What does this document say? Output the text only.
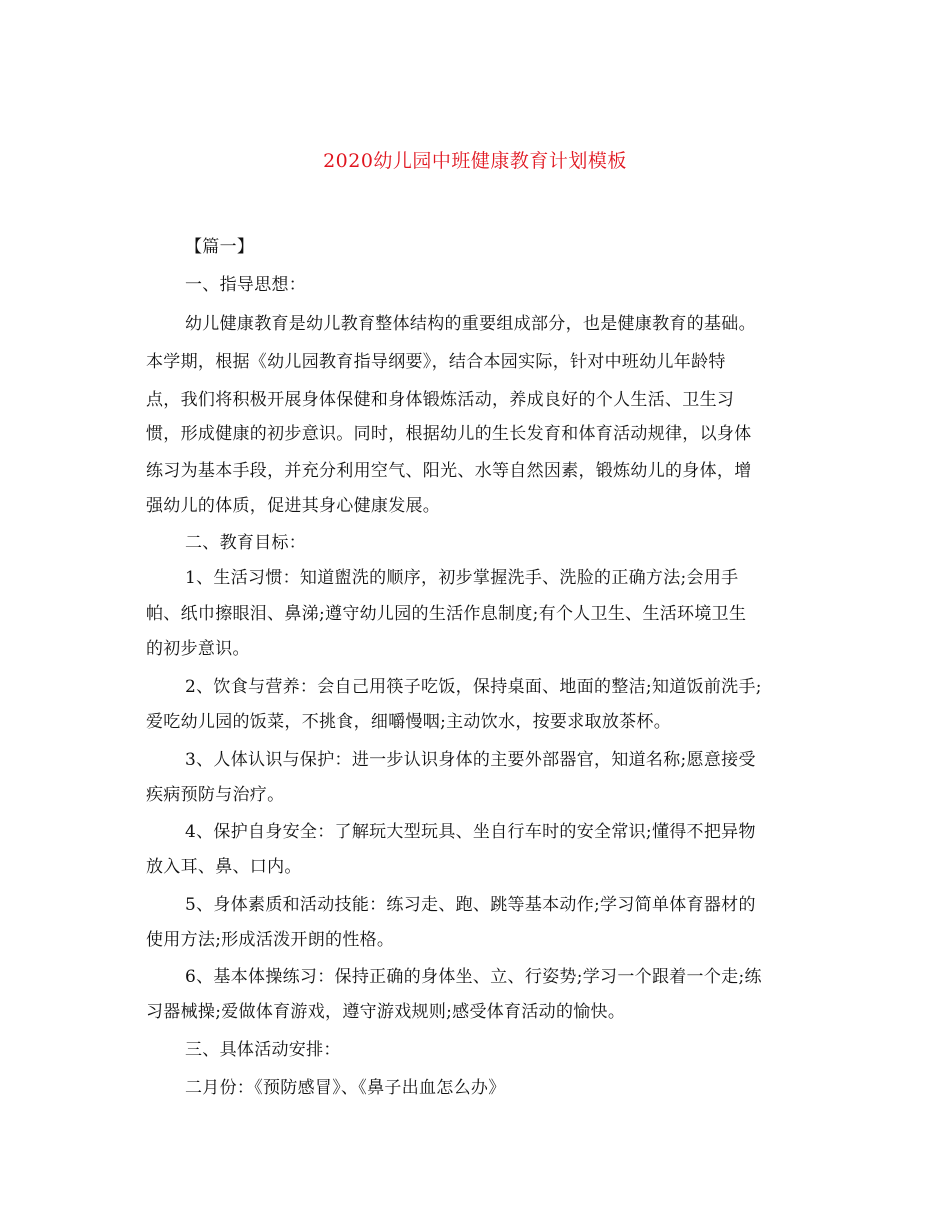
2020幼儿园中班健康教育计划模板
【篇一】
一、指导思想：
幼儿健康教育是幼儿教育整体结构的重要组成部分，也是健康教育的基础。
本学期，根据《幼儿园教育指导纲要》，结合本园实际，针对中班幼儿年龄特
点，我们将积极开展身体保健和身体锻炼活动，养成良好的个人生活、卫生习
惯，形成健康的初步意识。同时，根据幼儿的生长发育和体育活动规律，以身体
练习为基本手段，并充分利用空气、阳光、水等自然因素，锻炼幼儿的身体，增
强幼儿的体质，促进其身心健康发展。
二、教育目标：
1、生活习惯：知道盥洗的顺序，初步掌握洗手、洗脸的正确方法;会用手
帕、纸巾擦眼泪、鼻涕;遵守幼儿园的生活作息制度;有个人卫生、生活环境卫生
的初步意识。
2、饮食与营养：会自己用筷子吃饭，保持桌面、地面的整洁;知道饭前洗手;
爱吃幼儿园的饭菜，不挑食，细嚼慢咽;主动饮水，按要求取放茶杯。
3、人体认识与保护：进一步认识身体的主要外部器官，知道名称;愿意接受
疾病预防与治疗。
4、保护自身安全：了解玩大型玩具、坐自行车时的安全常识;懂得不把异物
放入耳、鼻、口内。
5、身体素质和活动技能：练习走、跑、跳等基本动作;学习简单体育器材的
使用方法;形成活泼开朗的性格。
6、基本体操练习：保持正确的身体坐、立、行姿势;学习一个跟着一个走;练
习器械操;爱做体育游戏，遵守游戏规则;感受体育活动的愉快。
三、具体活动安排：
二月份：《预防感冒》、《鼻子出血怎么办》
